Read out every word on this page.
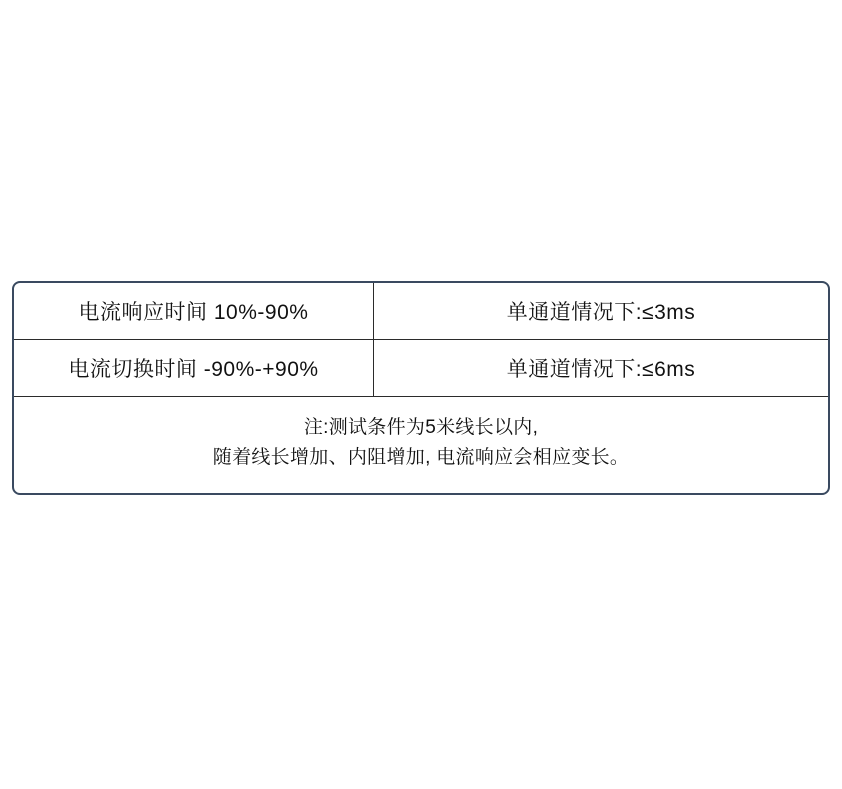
电流响应时间 10%-90%	单通道情况下:≤3ms
电流切换时间 -90%-+90%	单通道情况下:≤6ms
注:测试条件为5米线长以内,
随着线长增加、内阻增加, 电流响应会相应变长。
